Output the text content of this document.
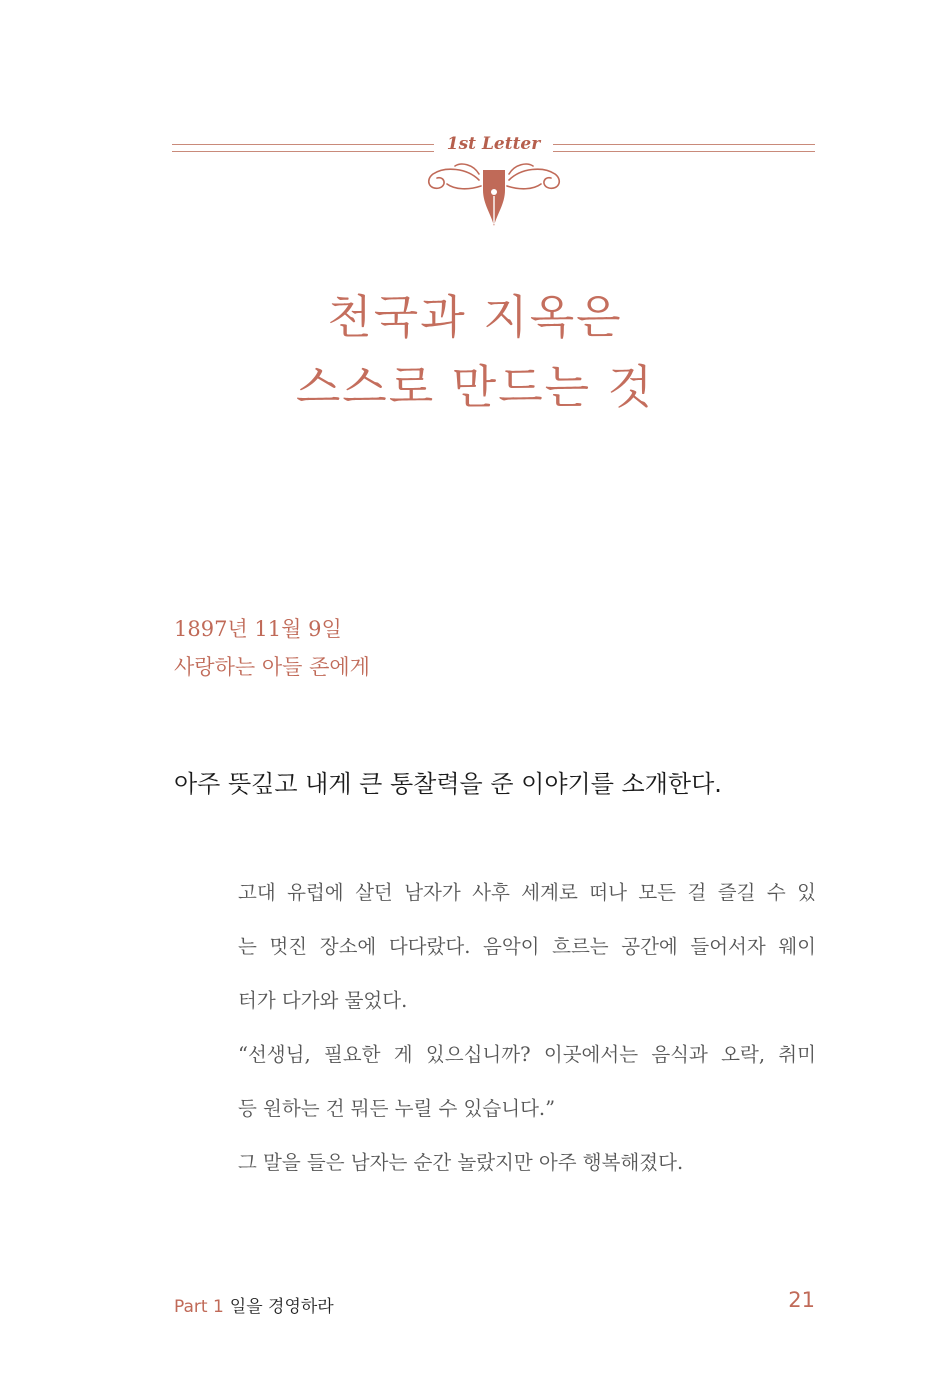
1st Letter
천국과 지옥은
스스로 만드는 것
1897년 11월 9일
사랑하는 아들 존에게
아주 뜻깊고 내게 큰 통찰력을 준 이야기를 소개한다.
고대 유럽에 살던 남자가 사후 세계로 떠나 모든 걸 즐길 수 있
는 멋진 장소에 다다랐다. 음악이 흐르는 공간에 들어서자 웨이
터가 다가와 물었다.
“선생님, 필요한 게 있으십니까? 이곳에서는 음식과 오락, 취미
등 원하는 건 뭐든 누릴 수 있습니다.”
그 말을 들은 남자는 순간 놀랐지만 아주 행복해졌다.
Part 1 일을 경영하라	21
